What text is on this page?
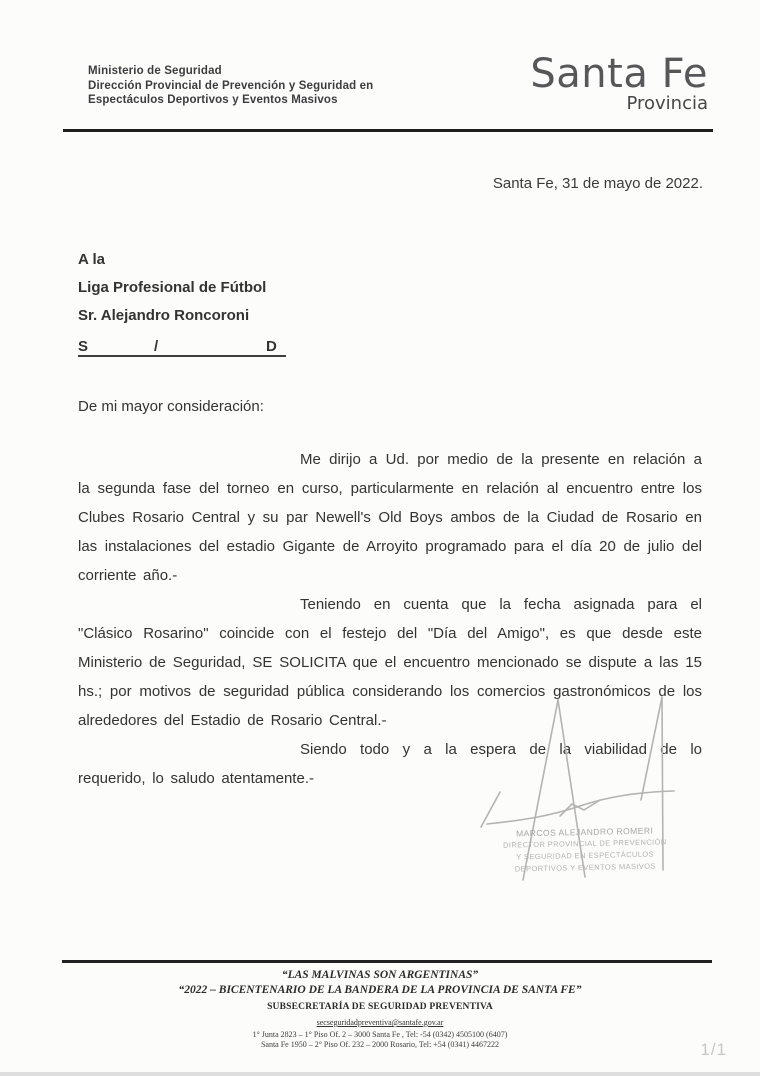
Ministerio de Seguridad
Dirección Provincial de Prevención y Seguridad en
Espectáculos Deportivos y Eventos Masivos
Santa Fe
Provincia
Santa Fe, 31 de mayo de 2022.
A la
Liga Profesional de Fútbol
Sr. Alejandro Roncoroni
S	/	D
De mi mayor consideración:

Me dirijo a Ud. por medio de la presente en relación a la segunda fase del torneo en curso, particularmente en relación al encuentro entre los Clubes Rosario Central y su par Newell's Old Boys ambos de la Ciudad de Rosario en las instalaciones del estadio Gigante de Arroyito programado para el día 20 de julio del corriente año.-

Teniendo en cuenta que la fecha asignada para el "Clásico Rosarino" coincide con el festejo del "Día del Amigo", es que desde este Ministerio de Seguridad, SE SOLICITA que el encuentro mencionado se dispute a las 15 hs.; por motivos de seguridad pública considerando los comercios gastronómicos de los alrededores del Estadio de Rosario Central.-

Siendo todo y a la espera de la viabilidad de lo requerido, lo saludo atentamente.-

MARCOS ALEJANDRO ROMERI
DIRECTOR PROVINCIAL DE PREVENCIÓN
Y SEGURIDAD EN ESPECTÁCULOS
DEPORTIVOS Y EVENTOS MASIVOS
“LAS MALVINAS SON ARGENTINAS”
“2022 – BICENTENARIO DE LA BANDERA DE LA PROVINCIA DE SANTA FE”
SUBSECRETARÍA DE SEGURIDAD PREVENTIVA
secseguridadpreventiva@santafe.gov.ar
1° Junta 2823 – 1° Piso Of. 2 – 3000 Santa Fe , Tel: -54 (0342) 4505100 (6407)
Santa Fe 1950 – 2° Piso Of. 232 – 2000 Rosario, Tel: +54 (0341) 4467222	1/1
